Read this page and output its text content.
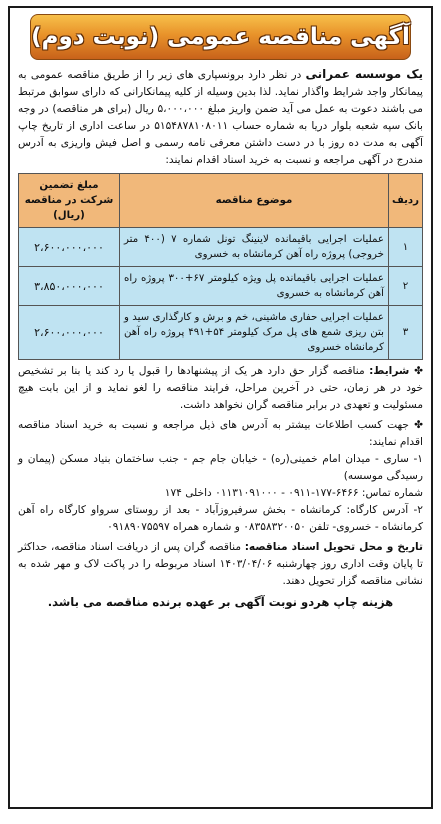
آگهی مناقصه عمومی (نوبت دوم)

یک موسسه عمرانی در نظر دارد برونسپاری های زیر را از طریق مناقصه عمومی به پیمانکار واجد شرایط واگذار نماید. لذا بدین وسیله از کلیه پیمانکارانی که دارای سوابق مرتبط می باشند دعوت به عمل می آید ضمن واریز مبلغ ۵،۰۰۰،۰۰۰ ریال (برای هر مناقصه) در وجه بانک سپه شعبه بلوار دریا به شماره حساب ۵۱۵۴۸۷۸۱۰۸۰۱۱ در ساعت اداری از تاریخ چاپ آگهی به مدت ده روز با در دست داشتن معرفی نامه رسمی و اصل فیش واریزی به آدرس مندرج در آگهی مراجعه و نسبت به خرید اسناد اقدام نمایند:

ردیف	موضوع مناقصه	مبلغ تضمین شرکت در مناقصه (ریال)
۱	عملیات اجرایی باقیمانده لاینینگ تونل شماره ۷ (۴۰۰ متر خروجی) پروژه راه آهن کرمانشاه به خسروی	۲،۶۰۰،۰۰۰،۰۰۰
۲	عملیات اجرایی باقیمانده پل ویژه کیلومتر ۶۷+۳۰۰ پروژه راه آهن کرمانشاه به خسروی	۳،۸۵۰،۰۰۰،۰۰۰
۳	عملیات اجرایی حفاری ماشینی، خم و برش و کارگذاری سید و بتن ریزی شمع های پل مرک کیلومتر ۵۴+۴۹۱ پروژه راه آهن کرمانشاه خسروی	۲،۶۰۰،۰۰۰،۰۰۰

✤ شرایط: مناقصه گزار حق دارد هر یک از پیشنهادها را قبول یا رد کند یا بنا بر تشخیص خود در هر زمان، حتی در آخرین مراحل، فرایند مناقصه را لغو نماید و از این بابت هیچ مسئولیت و تعهدی در برابر مناقصه گران نخواهد داشت.

✤ جهت کسب اطلاعات بیشتر به آدرس های ذیل مراجعه و نسبت به خرید اسناد مناقصه اقدام نمایند:

۱- ساری - میدان امام خمینی(ره) - خیابان جام جم - جنب ساختمان بنیاد مسکن (پیمان و رسیدگی موسسه)

شماره تماس: ۶۴۶۶-۱۷۷-۰۹۱۱ - ۰۱۱۳۱۰۹۱۰۰۰ داخلی ۱۷۴

۲- آدرس کارگاه: کرمانشاه - بخش سرفیروزآباد - بعد از روستای سرواو کارگاه راه آهن کرمانشاه - خسروی- تلفن ۰۸۳۵۸۳۲۰۰۵۰ و شماره همراه ۰۹۱۸۹۰۷۵۵۹۷

تاریخ و محل تحویل اسناد مناقصه: مناقصه گران پس از دریافت اسناد مناقصه، حداکثر تا پایان وقت اداری روز چهارشنبه ۱۴۰۳/۰۴/۰۶ اسناد مربوطه را در پاکت لاک و مهر شده به نشانی مناقصه گزار تحویل دهند.

هزینه چاپ هردو نوبت آگهی بر عهده برنده مناقصه می باشد.
